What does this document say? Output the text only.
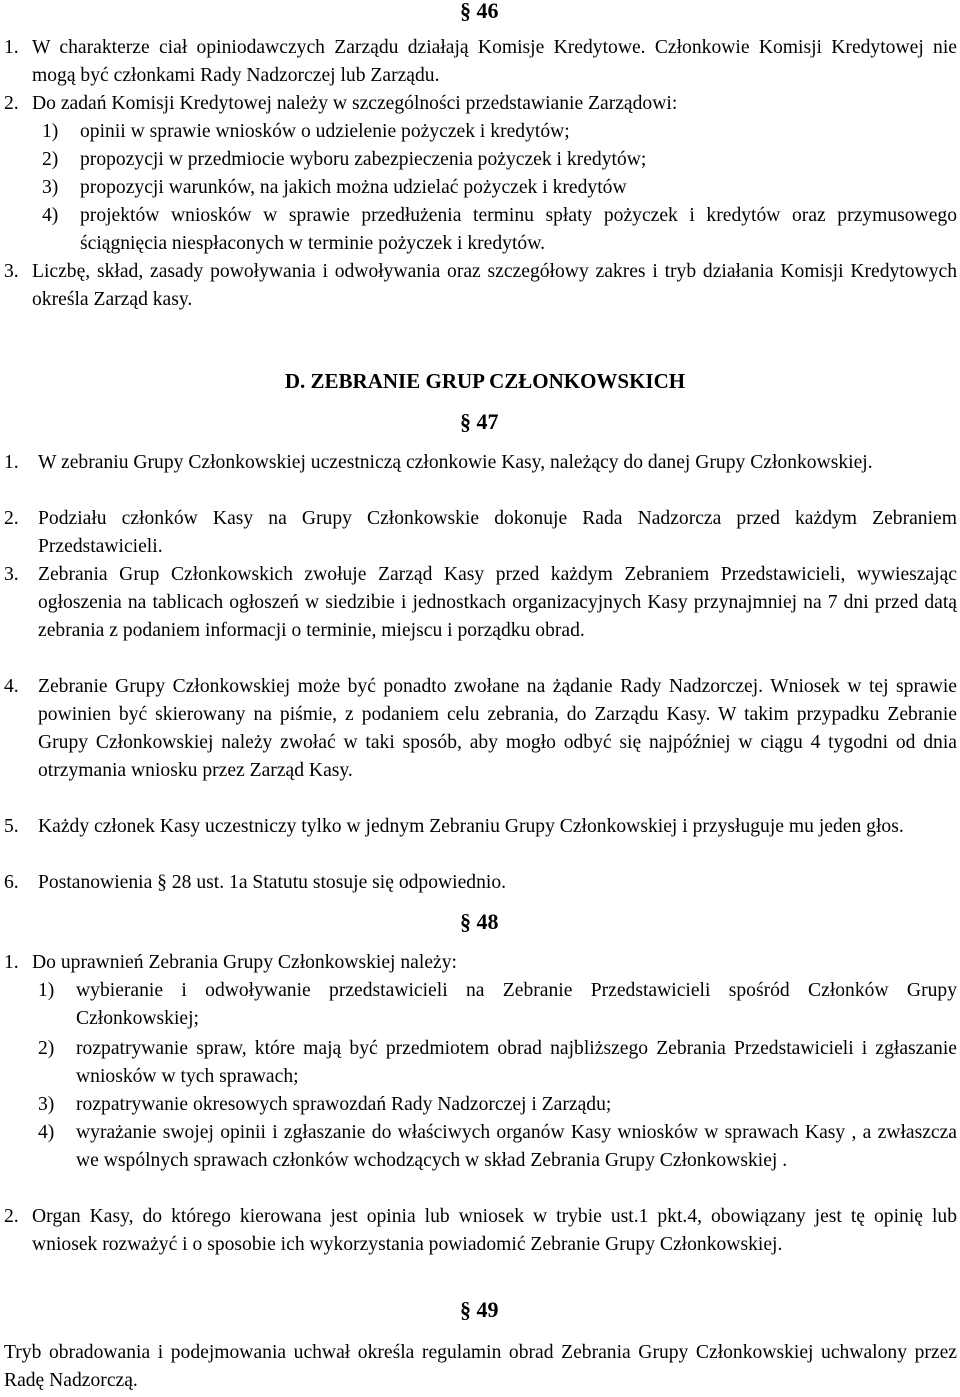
§ 46
1. W charakterze ciał opiniodawczych Zarządu działają Komisje Kredytowe. Członkowie Komisji Kredytowej nie mogą być członkami Rady Nadzorczej lub Zarządu.
2. Do zadań Komisji Kredytowej należy w szczególności przedstawianie Zarządowi:
1) opinii w sprawie wniosków o udzielenie pożyczek i kredytów;
2) propozycji w przedmiocie wyboru zabezpieczenia pożyczek i kredytów;
3) propozycji warunków, na jakich można udzielać pożyczek i kredytów
4) projektów wniosków w sprawie przedłużenia terminu spłaty pożyczek i kredytów oraz przymusowego ściągnięcia niespłaconych w terminie pożyczek i kredytów.
3. Liczbę, skład, zasady powoływania i odwoływania oraz szczegółowy zakres i tryb działania Komisji Kredytowych określa Zarząd kasy.
D. ZEBRANIE GRUP CZŁONKOWSKICH
§ 47
1. W zebraniu Grupy Członkowskiej uczestniczą członkowie Kasy, należący do danej Grupy Członkowskiej.
2. Podziału członków Kasy na Grupy Członkowskie dokonuje Rada Nadzorcza przed każdym Zebraniem Przedstawicieli.
3. Zebrania Grup Członkowskich zwołuje Zarząd Kasy przed każdym Zebraniem Przedstawicieli, wywieszając ogłoszenia na tablicach ogłoszeń w siedzibie i jednostkach organizacyjnych Kasy przynajmniej na 7 dni przed datą zebrania z podaniem informacji o terminie, miejscu i porządku obrad.
4. Zebranie Grupy Członkowskiej może być ponadto zwołane na żądanie Rady Nadzorczej. Wniosek w tej sprawie powinien być skierowany na piśmie, z podaniem celu zebrania, do Zarządu Kasy. W takim przypadku Zebranie Grupy Członkowskiej należy zwołać w taki sposób, aby mogło odbyć się najpóźniej w ciągu 4 tygodni od dnia otrzymania wniosku przez Zarząd Kasy.
5. Każdy członek Kasy uczestniczy tylko w jednym Zebraniu Grupy Członkowskiej i przysługuje mu jeden głos.
6. Postanowienia § 28 ust. 1a Statutu stosuje się odpowiednio.
§ 48
1. Do uprawnień Zebrania Grupy Członkowskiej należy:
1) wybieranie i odwoływanie przedstawicieli na Zebranie Przedstawicieli spośród Członków Grupy Członkowskiej;
2) rozpatrywanie spraw, które mają być przedmiotem obrad najbliższego Zebrania Przedstawicieli i zgłaszanie wniosków w tych sprawach;
3) rozpatrywanie okresowych sprawozdań Rady Nadzorczej i Zarządu;
4) wyrażanie swojej opinii i zgłaszanie do właściwych organów Kasy wniosków w sprawach Kasy , a zwłaszcza we wspólnych sprawach członków wchodzących w skład Zebrania Grupy Członkowskiej .
2. Organ Kasy, do którego kierowana jest opinia lub wniosek w trybie ust.1 pkt.4, obowiązany jest tę opinię lub wniosek rozważyć i o sposobie ich wykorzystania powiadomić Zebranie Grupy Członkowskiej.
§ 49
Tryb obradowania i podejmowania uchwał określa regulamin obrad Zebrania Grupy Członkowskiej uchwalony przez Radę Nadzorczą.
